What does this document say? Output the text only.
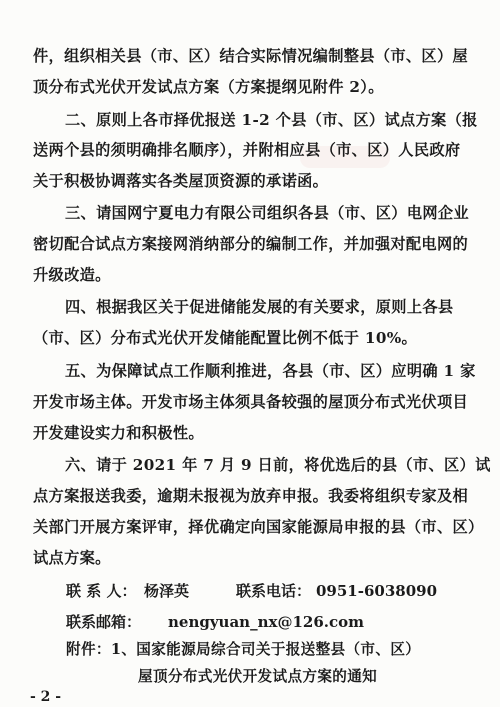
件，组织相关县（市、区）结合实际情况编制整县（市、区）屋
顶分布式光伏开发试点方案（方案提纲见附件 2）。
二、原则上各市择优报送 1-2 个县（市、区）试点方案（报
送两个县的须明确排名顺序），并附相应县（市、区）人民政府
关于积极协调落实各类屋顶资源的承诺函。
三、请国网宁夏电力有限公司组织各县（市、区）电网企业
密切配合试点方案接网消纳部分的编制工作，并加强对配电网的
升级改造。
四、根据我区关于促进储能发展的有关要求，原则上各县
（市、区）分布式光伏开发储能配置比例不低于 10%。
五、为保障试点工作顺利推进，各县（市、区）应明确 1 家
开发市场主体。开发市场主体须具备较强的屋顶分布式光伏项目
开发建设实力和积极性。
六、请于 2021 年 7 月 9 日前，将优选后的县（市、区）试
点方案报送我委，逾期未报视为放弃申报。我委将组织专家及相
关部门开展方案评审，择优确定向国家能源局申报的县（市、区）
试点方案。
联 系 人： 杨泽英	联系电话： 0951-6038090
联系邮箱： nengyuan_nx@126.com
附件：1、国家能源局综合司关于报送整县（市、区）
- 2 -
屋顶分布式光伏开发试点方案的通知
